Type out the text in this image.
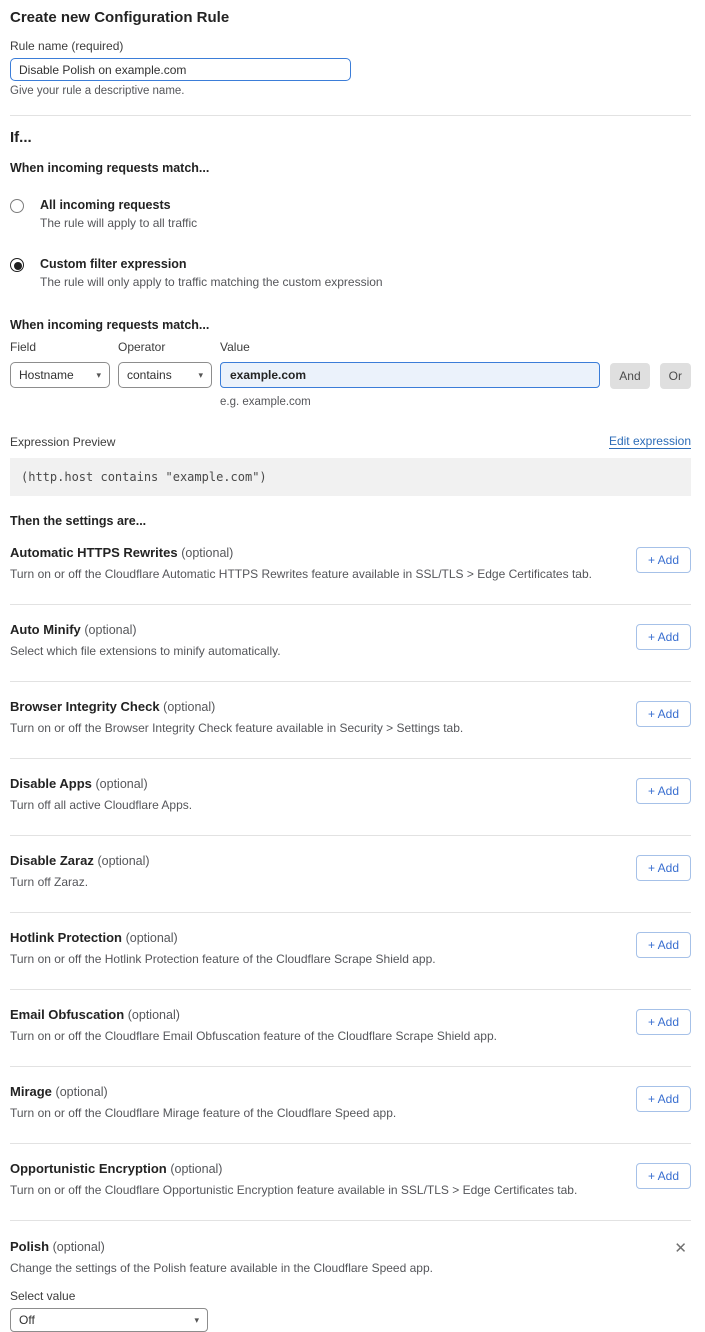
Create new Configuration Rule
Rule name (required)
Disable Polish on example.com
Give your rule a descriptive name.
If...
When incoming requests match...
All incoming requests
The rule will apply to all traffic
Custom filter expression
The rule will only apply to traffic matching the custom expression
When incoming requests match...
Field
Hostname	▾
Operator
contains	▾
Value
example.com
e.g. example.com
And	Or
Expression Preview	Edit expression
(http.host contains "example.com")
Then the settings are...
Automatic HTTPS Rewrites (optional)
Turn on or off the Cloudflare Automatic HTTPS Rewrites feature available in SSL/TLS > Edge Certificates tab.
+ Add
Auto Minify (optional)
Select which file extensions to minify automatically.
+ Add
Browser Integrity Check (optional)
Turn on or off the Browser Integrity Check feature available in Security > Settings tab.
+ Add
Disable Apps (optional)
Turn off all active Cloudflare Apps.
+ Add
Disable Zaraz (optional)
Turn off Zaraz.
+ Add
Hotlink Protection (optional)
Turn on or off the Hotlink Protection feature of the Cloudflare Scrape Shield app.
+ Add
Email Obfuscation (optional)
Turn on or off the Cloudflare Email Obfuscation feature of the Cloudflare Scrape Shield app.
+ Add
Mirage (optional)
Turn on or off the Cloudflare Mirage feature of the Cloudflare Speed app.
+ Add
Opportunistic Encryption (optional)
Turn on or off the Cloudflare Opportunistic Encryption feature available in SSL/TLS > Edge Certificates tab.
+ Add
Polish (optional)
Change the settings of the Polish feature available in the Cloudflare Speed app.
✕
Select value
Off	▾
